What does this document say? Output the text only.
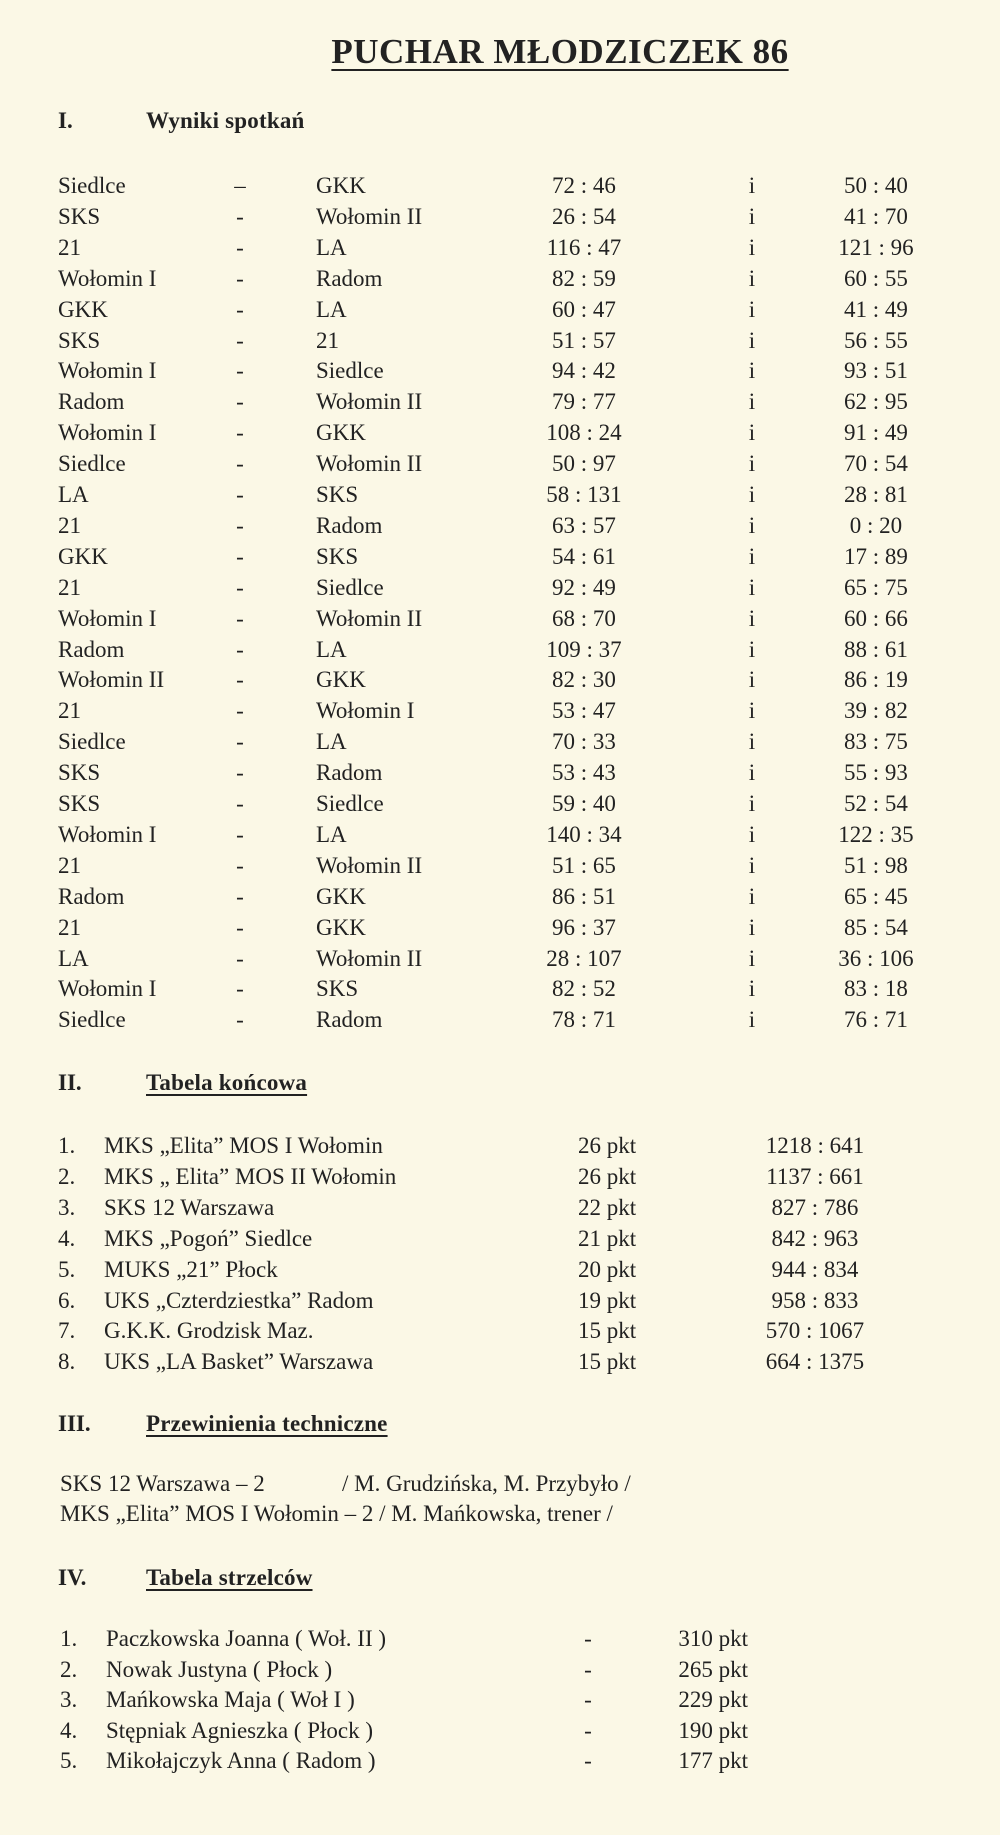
PUCHAR MŁODZICZEK 86
I.	Wyniki spotkań
Siedlce	–	GKK	72 : 46	i	50 : 40
SKS	-	Wołomin II	26 : 54	i	41 : 70
21	-	LA	116 : 47	i	121 : 96
Wołomin I	-	Radom	82 : 59	i	60 : 55
GKK	-	LA	60 : 47	i	41 : 49
SKS	-	21	51 : 57	i	56 : 55
Wołomin I	-	Siedlce	94 : 42	i	93 : 51
Radom	-	Wołomin II	79 : 77	i	62 : 95
Wołomin I	-	GKK	108 : 24	i	91 : 49
Siedlce	-	Wołomin II	50 : 97	i	70 : 54
LA	-	SKS	58 : 131	i	28 : 81
21	-	Radom	63 : 57	i	0 : 20
GKK	-	SKS	54 : 61	i	17 : 89
21	-	Siedlce	92 : 49	i	65 : 75
Wołomin I	-	Wołomin II	68 : 70	i	60 : 66
Radom	-	LA	109 : 37	i	88 : 61
Wołomin II	-	GKK	82 : 30	i	86 : 19
21	-	Wołomin I	53 : 47	i	39 : 82
Siedlce	-	LA	70 : 33	i	83 : 75
SKS	-	Radom	53 : 43	i	55 : 93
SKS	-	Siedlce	59 : 40	i	52 : 54
Wołomin I	-	LA	140 : 34	i	122 : 35
21	-	Wołomin II	51 : 65	i	51 : 98
Radom	-	GKK	86 : 51	i	65 : 45
21	-	GKK	96 : 37	i	85 : 54
LA	-	Wołomin II	28 : 107	i	36 : 106
Wołomin I	-	SKS	82 : 52	i	83 : 18
Siedlce	-	Radom	78 : 71	i	76 : 71
II.	Tabela końcowa
1.	MKS „Elita” MOS I Wołomin	26 pkt	1218 : 641
2.	MKS „ Elita” MOS II Wołomin	26 pkt	1137 : 661
3.	SKS 12 Warszawa	22 pkt	827 : 786
4.	MKS „Pogoń” Siedlce	21 pkt	842 : 963
5.	MUKS „21” Płock	20 pkt	944 : 834
6.	UKS „Czterdziestka” Radom	19 pkt	958 : 833
7.	G.K.K. Grodzisk Maz.	15 pkt	570 : 1067
8.	UKS „LA Basket” Warszawa	15 pkt	664 : 1375
III. Przewinienia techniczne
SKS 12 Warszawa – 2	/ M. Grudzińska, M. Przybyło /
MKS „Elita” MOS I Wołomin – 2 / M. Mańkowska, trener /
IV.	Tabela strzelców
1.	Paczkowska Joanna ( Woł. II )	-	310 pkt
2.	Nowak Justyna ( Płock )	-	265 pkt
3.	Mańkowska Maja ( Woł I )	-	229 pkt
4.	Stępniak Agnieszka ( Płock )	-	190 pkt
5.	Mikołajczyk Anna ( Radom )	-	177 pkt
